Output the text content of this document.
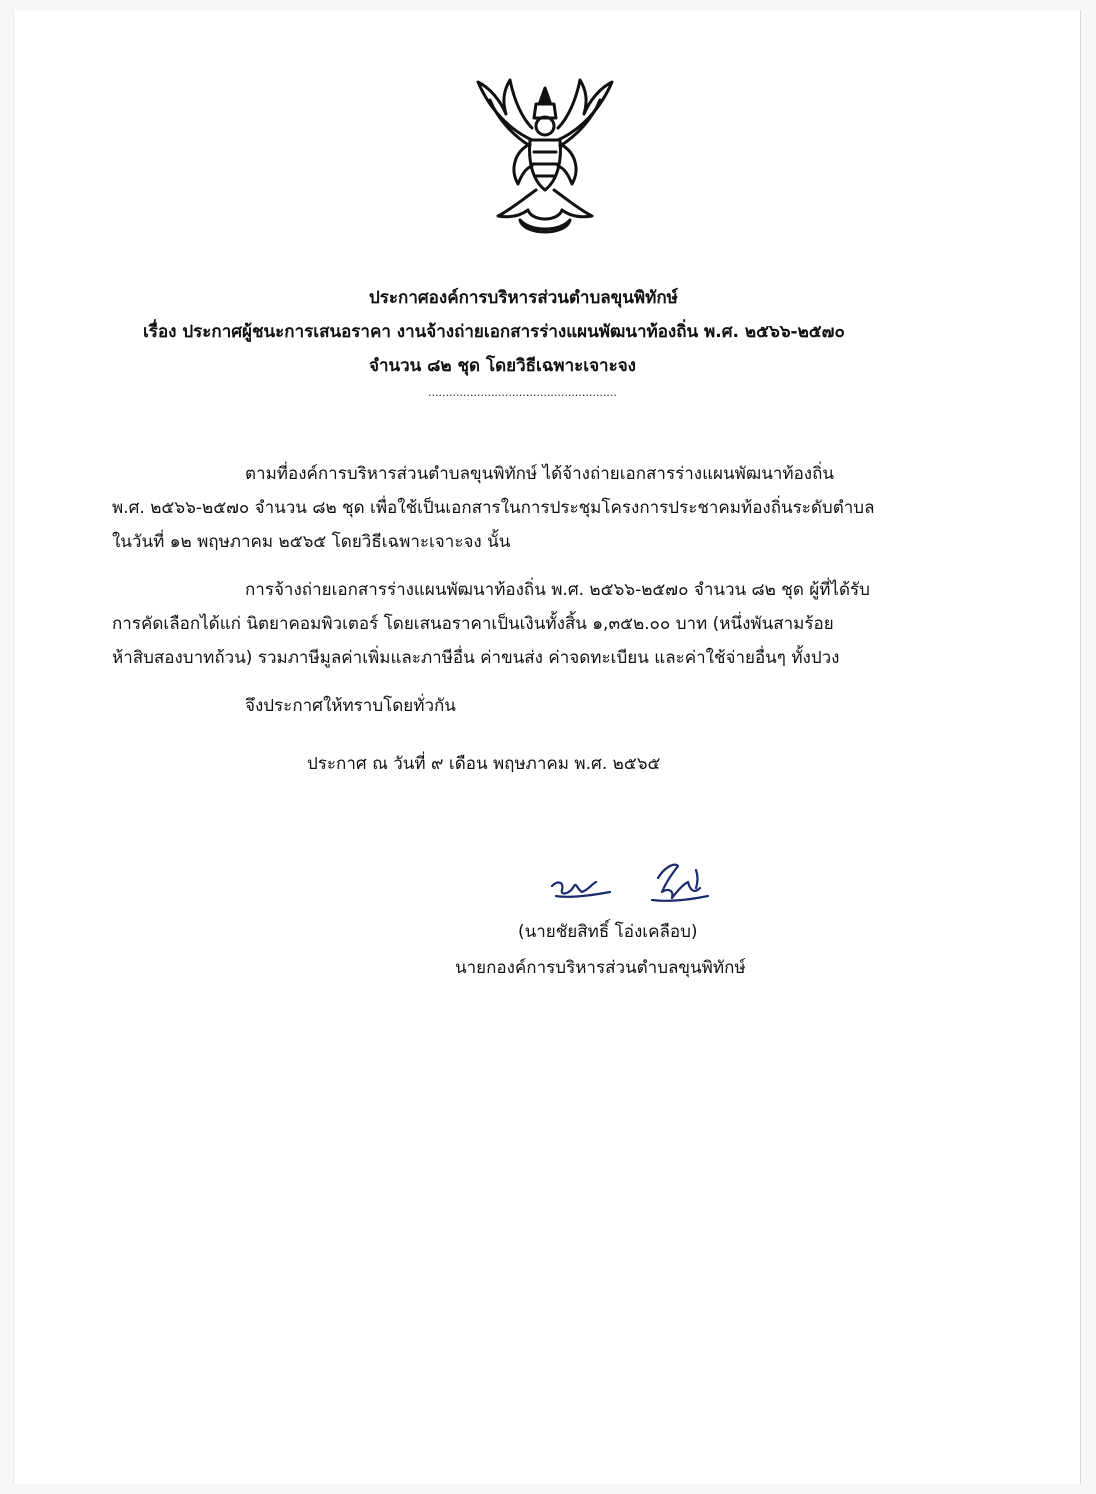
ประกาศองค์การบริหารส่วนตำบลขุนพิทักษ์
เรื่อง ประกาศผู้ชนะการเสนอราคา งานจ้างถ่ายเอกสารร่างแผนพัฒนาท้องถิ่น พ.ศ. ๒๕๖๖-๒๕๗๐
จำนวน ๘๒ ชุด โดยวิธีเฉพาะเจาะจง
......................................................
ตามที่องค์การบริหารส่วนตำบลขุนพิทักษ์ ได้จ้างถ่ายเอกสารร่างแผนพัฒนาท้องถิ่น
พ.ศ. ๒๕๖๖-๒๕๗๐ จำนวน ๘๒ ชุด เพื่อใช้เป็นเอกสารในการประชุมโครงการประชาคมท้องถิ่นระดับตำบล
ในวันที่ ๑๒ พฤษภาคม ๒๕๖๕ โดยวิธีเฉพาะเจาะจง นั้น
การจ้างถ่ายเอกสารร่างแผนพัฒนาท้องถิ่น พ.ศ. ๒๕๖๖-๒๕๗๐ จำนวน ๘๒ ชุด ผู้ที่ได้รับ
การคัดเลือกได้แก่ นิตยาคอมพิวเตอร์ โดยเสนอราคาเป็นเงินทั้งสิ้น ๑,๓๕๒.๐๐ บาท (หนึ่งพันสามร้อย
ห้าสิบสองบาทถ้วน) รวมภาษีมูลค่าเพิ่มและภาษีอื่น ค่าขนส่ง ค่าจดทะเบียน และค่าใช้จ่ายอื่นๆ ทั้งปวง
จึงประกาศให้ทราบโดยทั่วกัน
ประกาศ ณ วันที่ ๙ เดือน พฤษภาคม พ.ศ. ๒๕๖๕
(นายชัยสิทธิ์ โอ่งเคลือบ)
นายกองค์การบริหารส่วนตำบลขุนพิทักษ์
